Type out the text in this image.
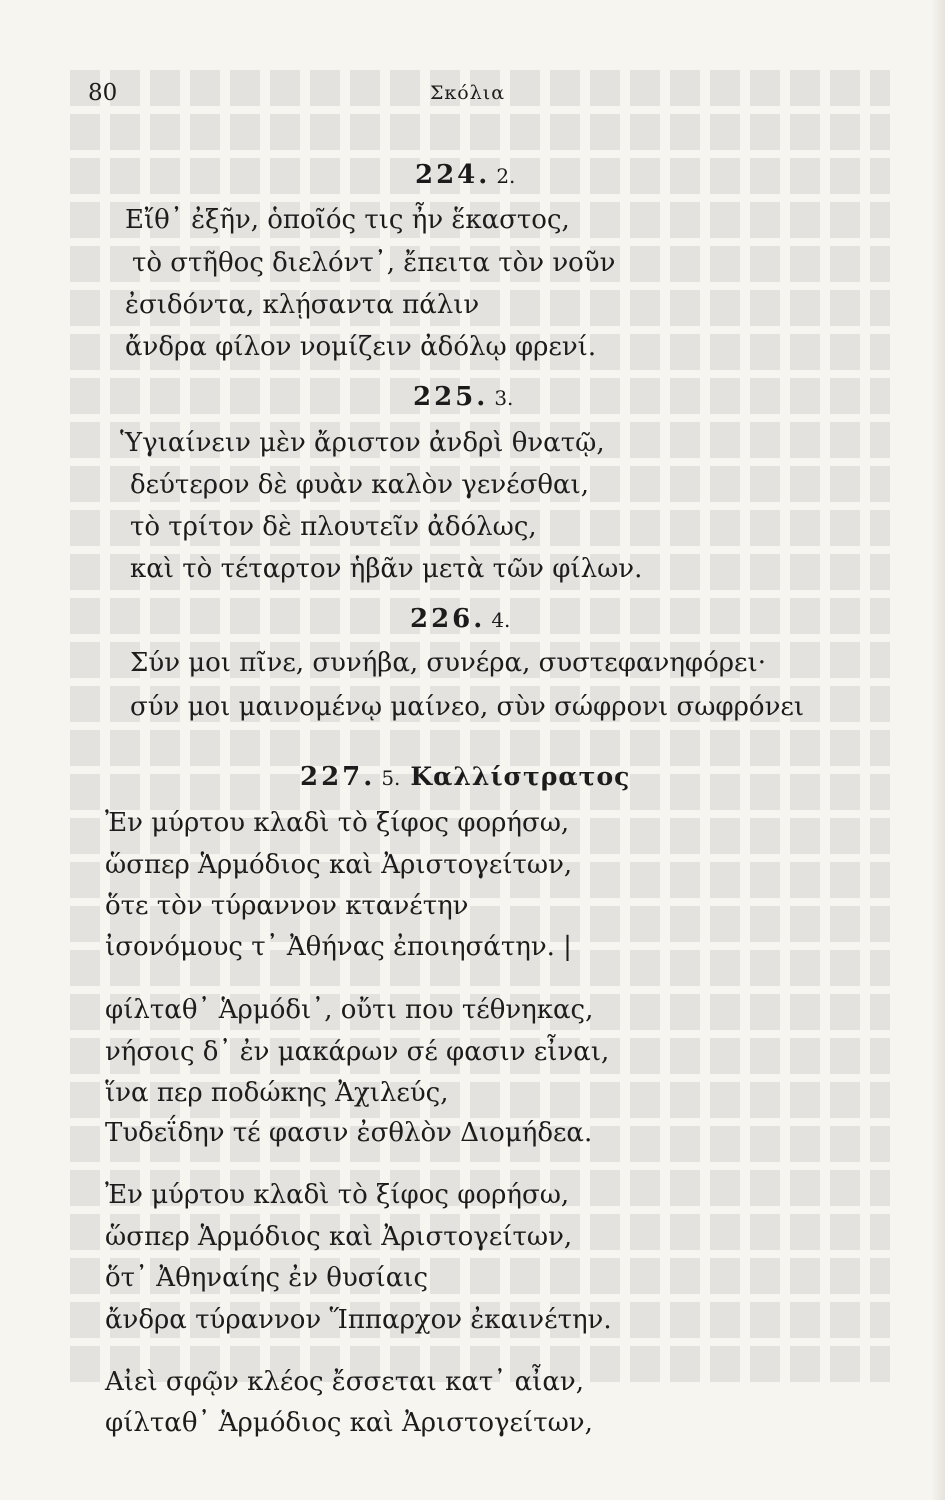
80	Σκόλια
224. 2.
Εἴθ᾽ ἐξῆν, ὁποῖός τις ἦν ἕκαστος,
τὸ στῆθος διελόντ᾽, ἔπειτα τὸν νοῦν
ἐσιδόντα, κλῄσαντα πάλιν
ἄνδρα φίλον νομίζειν ἀδόλῳ φρενί.
225. 3.
Ὑγιαίνειν μὲν ἄριστον ἀνδρὶ θνατῷ,
δεύτερον δὲ φυὰν καλὸν γενέσθαι,
τὸ τρίτον δὲ πλουτεῖν ἀδόλως,
καὶ τὸ τέταρτον ἡβᾶν μετὰ τῶν φίλων.
226. 4.
Σύν μοι πῖνε, συνήβα, συνέρα, συστεφανηφόρει·
σύν μοι μαινομένῳ μαίνεο, σὺν σώφρονι σωφρόνει
227. 5. Καλλίστρατος
Ἐν μύρτου κλαδὶ τὸ ξίφος φορήσω,
ὥσπερ Ἁρμόδιος καὶ Ἀριστογείτων,
ὅτε τὸν τύραννον κτανέτην
ἰσονόμους τ᾽ Ἀθήνας ἐποιησάτην. |
φίλταθ᾽ Ἁρμόδι᾽, οὔτι που τέθνηκας,
νήσοις δ᾽ ἐν μακάρων σέ φασιν εἶναι,
ἵνα περ ποδώκης Ἀχιλεύς,
Τυδεΐδην τέ φασιν ἐσθλὸν Διομήδεα.
Ἐν μύρτου κλαδὶ τὸ ξίφος φορήσω,
ὥσπερ Ἁρμόδιος καὶ Ἀριστογείτων,
ὅτ᾽ Ἀθηναίης ἐν θυσίαις
ἄνδρα τύραννον Ἵππαρχον ἐκαινέτην.
Αἰεὶ σφῷν κλέος ἔσσεται κατ᾽ αἶαν,
φίλταθ᾽ Ἁρμόδιος καὶ Ἀριστογείτων,
